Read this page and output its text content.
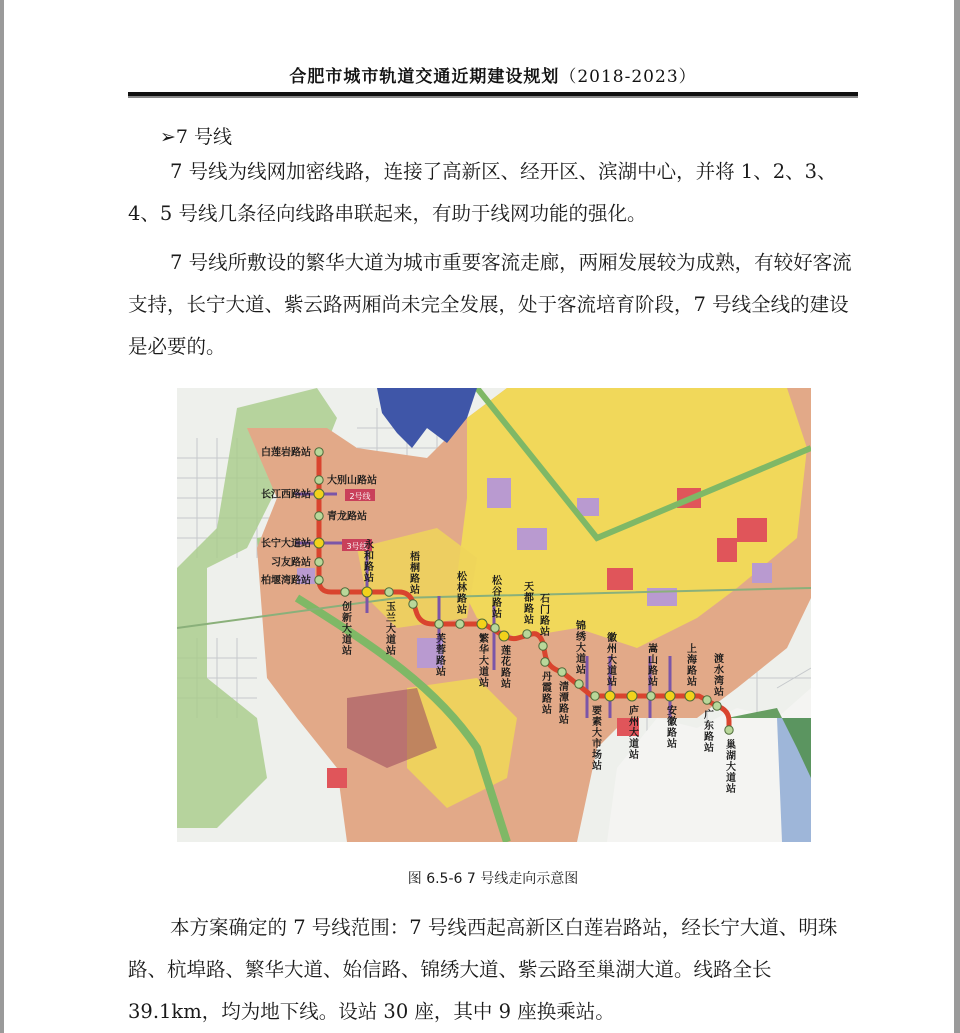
合肥市城市轨道交通近期建设规划（2018-2023）
➢7 号线
7 号线为线网加密线路，连接了高新区、经开区、滨湖中心，并将 1、2、3、4、5 号线几条径向线路串联起来，有助于线网功能的强化。
7 号线所敷设的繁华大道为城市重要客流走廊，两厢发展较为成熟，有较好客流支持，长宁大道、紫云路两厢尚未完全发展，处于客流培育阶段，7 号线全线的建设是必要的。
2号线
3号线
白莲岩路站
大别山路站
长江西路站
青龙路站
长宁大道站
习友路站
柏堰湾路站
创新大道站
永和路站
玉兰大道站
梧桐路站
芙蓉路站
松林路站
繁华大道站
松谷路站
莲花路站
天都路站
丹霞路站
石门路站
清潭路站
锦绣大道站
要素大市场站
徽州大道站
庐州大道站
嵩山路站
安徽路站
上海路站
广东路站
渡水湾站
巢湖大道站
图 6.5-6 7 号线走向示意图
本方案确定的 7 号线范围：7 号线西起高新区白莲岩路站，经长宁大道、明珠路、杭埠路、繁华大道、始信路、锦绣大道、紫云路至巢湖大道。线路全长 39.1km，均为地下线。设站 30 座，其中 9 座换乘站。
